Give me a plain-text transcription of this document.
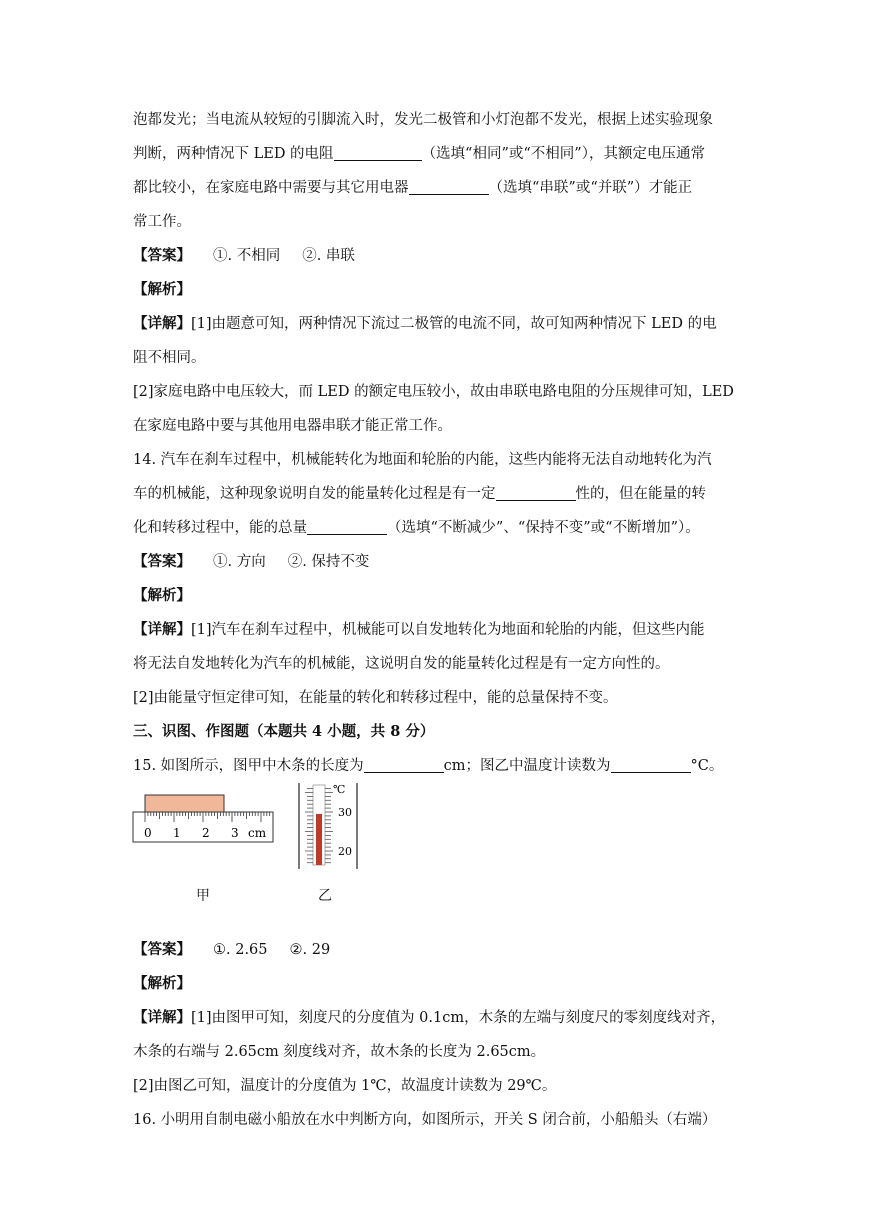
泡都发光；当电流从较短的引脚流入时，发光二极管和小灯泡都不发光，根据上述实验现象

判断，两种情况下 LED 的电阻	（选填“相同”或“不相同”），其额定电压通常

都比较小，在家庭电路中需要与其它用电器	（选填“串联”或“并联”）才能正

常工作。

【答案】 ①. 不相同 ②. 串联

【解析】

【详解】[1]由题意可知，两种情况下流过二极管的电流不同，故可知两种情况下 LED 的电

阻不相同。

[2]家庭电路中电压较大，而 LED 的额定电压较小，故由串联电路电阻的分压规律可知，LED

在家庭电路中要与其他用电器串联才能正常工作。

14. 汽车在刹车过程中，机械能转化为地面和轮胎的内能，这些内能将无法自动地转化为汽

车的机械能，这种现象说明自发的能量转化过程是有一定	性的，但在能量的转

化和转移过程中，能的总量	（选填“不断减少”、“保持不变”或“不断增加”）。

【答案】 ①. 方向 ②. 保持不变

【解析】

【详解】[1]汽车在刹车过程中，机械能可以自发地转化为地面和轮胎的内能，但这些内能

将无法自发地转化为汽车的机械能，这说明自发的能量转化过程是有一定方向性的。

[2]由能量守恒定律可知，在能量的转化和转移过程中，能的总量保持不变。

三、识图、作图题（本题共 4 小题，共 8 分）

15. 如图所示，图甲中木条的长度为	cm；图乙中温度计读数为	°C。

0 1 2 3 cm
℃
30
20
甲	乙

【答案】 ①. 2.65 ②. 29

【解析】

【详解】[1]由图甲可知，刻度尺的分度值为 0.1cm，木条的左端与刻度尺的零刻度线对齐，

木条的右端与 2.65cm 刻度线对齐，故木条的长度为 2.65cm。

[2]由图乙可知，温度计的分度值为 1℃，故温度计读数为 29℃。

16. 小明用自制电磁小船放在水中判断方向，如图所示，开关 S 闭合前，小船船头（右端）
